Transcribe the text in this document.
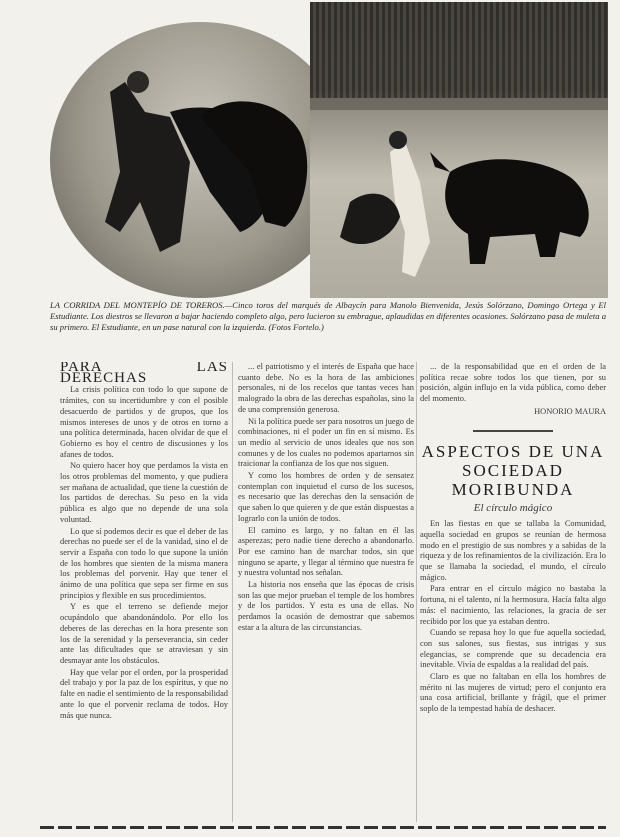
LA CORRIDA DEL MONTEPÍO DE TOREROS.—Cinco toros del marqués de Albaycín para Manolo Bienvenida, Jesús Solórzano, Domingo Ortega y El Estudiante. Los diestros se llevaron a bajar haciendo completo algo, pero lucieron su embrague, aplaudidas en diferentes ocasiones. Solórzano pasa de muleta a su primero. El Estudiante, en un pase natural con la izquierda. (Fotos Fortelo.)

PARA LAS DERECHAS

La crisis política con todo lo que supone de trámites, con su incertidumbre y con el posible desacuerdo de partidos y de grupos, que los mismos intereses de unos y de otros en torno a una política determinada, hacen olvidar de que el Gobierno es hoy el centro de discusiones y los afanes de todos.

No quiero hacer hoy que perdamos la vista en los otros problemas del momento, y que pudiera ser mañana de actualidad, que tiene la cuestión de los partidos de derechas. Su peso en la vida pública es algo que no depende de una sola voluntad.

Lo que sí podemos decir es que el deber de las derechas no puede ser el de la vanidad, sino el de servir a España con todo lo que supone la unión de los hombres que sienten de la misma manera los problemas del porvenir. Hay que tener el ánimo de una política que sepa ser firme en sus principios y flexible en sus procedimientos.

Y es que el terreno se defiende mejor ocupándolo que abandonándolo. Por ello los deberes de las derechas en la hora presente son los de la serenidad y la perseverancia, sin ceder ante las dificultades que se atraviesan y sin desmayar ante los obstáculos.

Hay que velar por el orden, por la prosperidad del trabajo y por la paz de los espíritus, y que no falte en nadie el sentimiento de la responsabilidad ante lo que el porvenir reclama de todos. Hoy más que nunca.

... el patriotismo y el interés de España que hace cuanto debe. No es la hora de las ambiciones personales, ni de los recelos que tantas veces han malogrado la obra de las derechas españolas, sino la de una comprensión generosa.

Ni la política puede ser para nosotros un juego de combinaciones, ni el poder un fin en sí mismo. Es un medio al servicio de unos ideales que nos son comunes y de los cuales no podemos apartarnos sin traicionar la confianza de los que nos siguen.

Y como los hombres de orden y de sensatez contemplan con inquietud el curso de los sucesos, es necesario que las derechas den la sensación de que saben lo que quieren y de que están dispuestas a lograrlo con la unión de todos.

El camino es largo, y no faltan en él las asperezas; pero nadie tiene derecho a abandonarlo. Por ese camino han de marchar todos, sin que ninguno se aparte, y llegar al término que nuestra fe y nuestra voluntad nos señalan.

La historia nos enseña que las épocas de crisis son las que mejor prueban el temple de los hombres y de los partidos. Y esta es una de ellas. No perdamos la ocasión de demostrar que sabemos estar a la altura de las circunstancias.

... de la responsabilidad que en el orden de la política recae sobre todos los que tienen, por su posición, algún influjo en la vida pública, como deber del momento.

HONORIO MAURA
ASPECTOS DE UNA SOCIEDAD MORIBUNDA
El círculo mágico

En las fiestas en que se tallaba la Comunidad, aquella sociedad en grupos se reunían de hermosa modo en el prestigio de sus nombres y a sabidas de la riqueza y de los refinamientos de la civilización. Era lo que se llamaba la sociedad, el mundo, el círculo mágico.

Para entrar en el círculo mágico no bastaba la fortuna, ni el talento, ni la hermosura. Hacía falta algo más: el nacimiento, las relaciones, la gracia de ser recibido por los que ya estaban dentro.

Cuando se repasa hoy lo que fue aquella sociedad, con sus salones, sus fiestas, sus intrigas y sus elegancias, se comprende que su decadencia era inevitable. Vivía de espaldas a la realidad del país.

Claro es que no faltaban en ella los hombres de mérito ni las mujeres de virtud; pero el conjunto era una cosa artificial, brillante y frágil, que el primer soplo de la tempestad había de deshacer.
